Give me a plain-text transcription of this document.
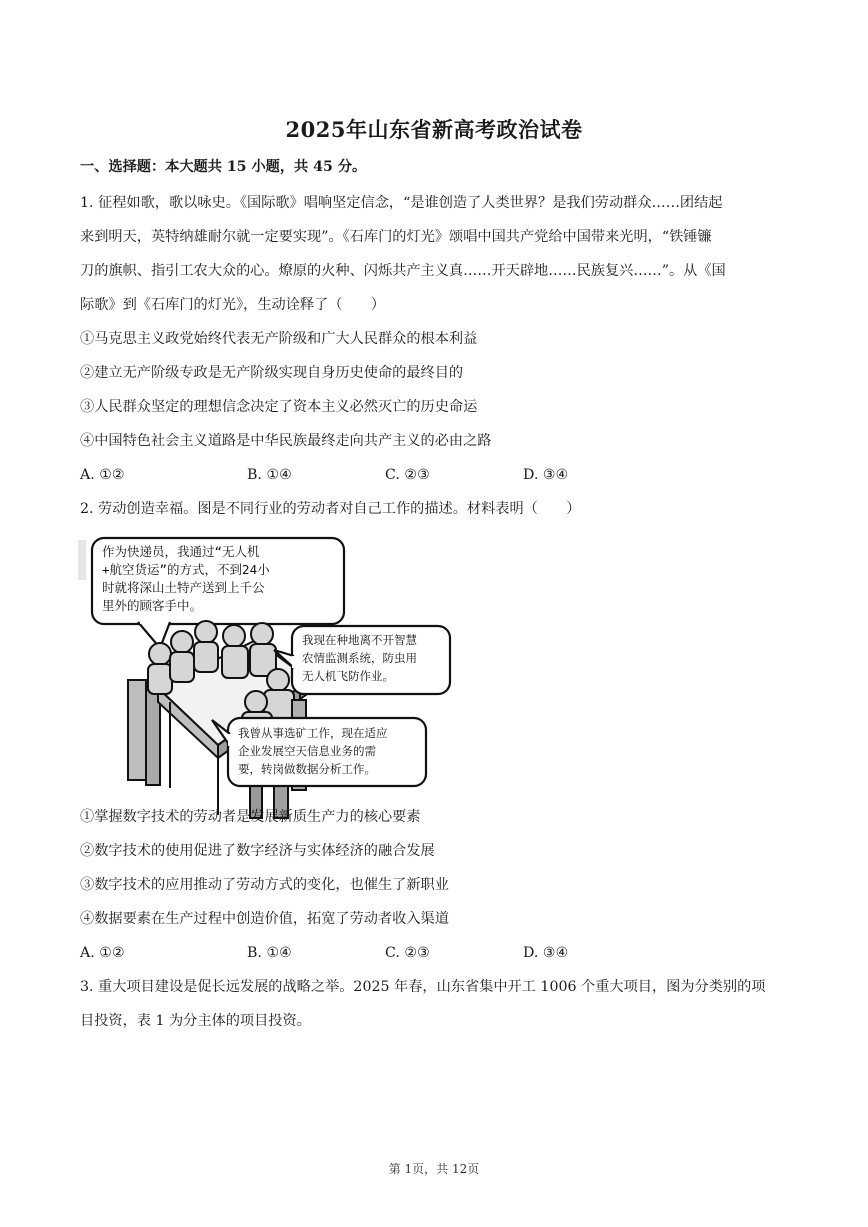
2025年山东省新高考政治试卷
一、选择题：本大题共 15 小题，共 45 分。
1. 征程如歌，歌以咏史。《国际歌》唱响坚定信念，“是谁创造了人类世界？是我们劳动群众……团结起
来到明天，英特纳雄耐尔就一定要实现”。《石库门的灯光》颂唱中国共产党给中国带来光明，“铁锤镰
刀的旗帜、指引工农大众的心。燎原的火种、闪烁共产主义真……开天辟地……民族复兴……”。从《国
际歌》到《石库门的灯光》，生动诠释了（　　）
①马克思主义政党始终代表无产阶级和广大人民群众的根本利益
②建立无产阶级专政是无产阶级实现自身历史使命的最终目的
③人民群众坚定的理想信念决定了资本主义必然灭亡的历史命运
④中国特色社会主义道路是中华民族最终走向共产主义的必由之路
A. ①②	B. ①④	C. ②③	D. ③④
2. 劳动创造幸福。图是不同行业的劳动者对自己工作的描述。材料表明（　　）
作为快递员，我通过“无人机
+航空货运”的方式，不到24小
时就将深山土特产送到上千公
里外的顾客手中。
我现在种地离不开智慧
农情监测系统，防虫用
无人机飞防作业。
我曾从事选矿工作，现在适应
企业发展空天信息业务的需
要，转岗做数据分析工作。
①掌握数字技术的劳动者是发展新质生产力的核心要素
②数字技术的使用促进了数字经济与实体经济的融合发展
③数字技术的应用推动了劳动方式的变化，也催生了新职业
④数据要素在生产过程中创造价值，拓宽了劳动者收入渠道
A. ①②	B. ①④	C. ②③	D. ③④
3. 重大项目建设是促长远发展的战略之举。2025 年春，山东省集中开工 1006 个重大项目，图为分类别的项
目投资，表 1 为分主体的项目投资。
第 1页，共 12页
